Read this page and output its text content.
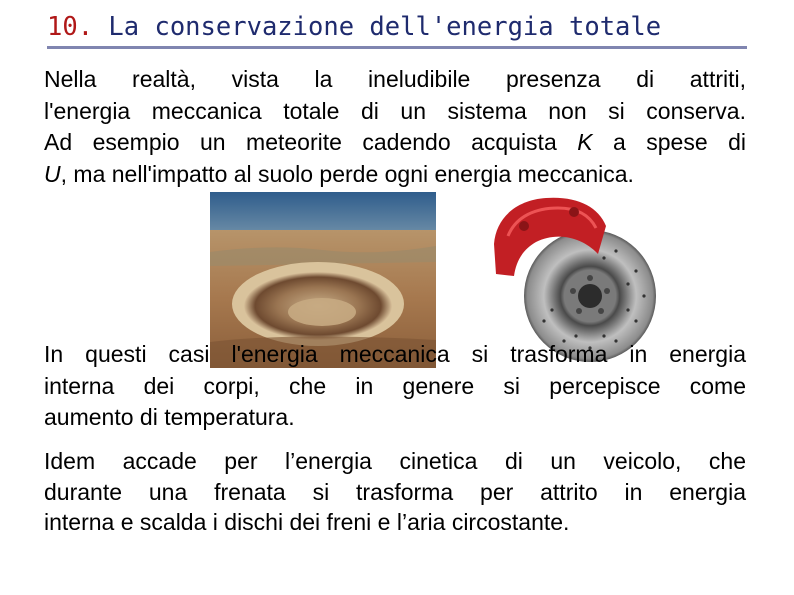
10. La conservazione dell'energia totale
Nella realtà, vista la ineludibile presenza di attriti,
l'energia meccanica totale di un sistema non si conserva.
Ad esempio un meteorite cadendo acquista K a spese di
U, ma nell'impatto al suolo perde ogni energia meccanica.
In questi casi l'energia meccanica si trasforma in energia
interna dei corpi, che in genere si percepisce come
aumento di temperatura.
Idem accade per l’energia cinetica di un veicolo, che
durante una frenata si trasforma per attrito in energia
interna e scalda i dischi dei freni e l’aria circostante.
